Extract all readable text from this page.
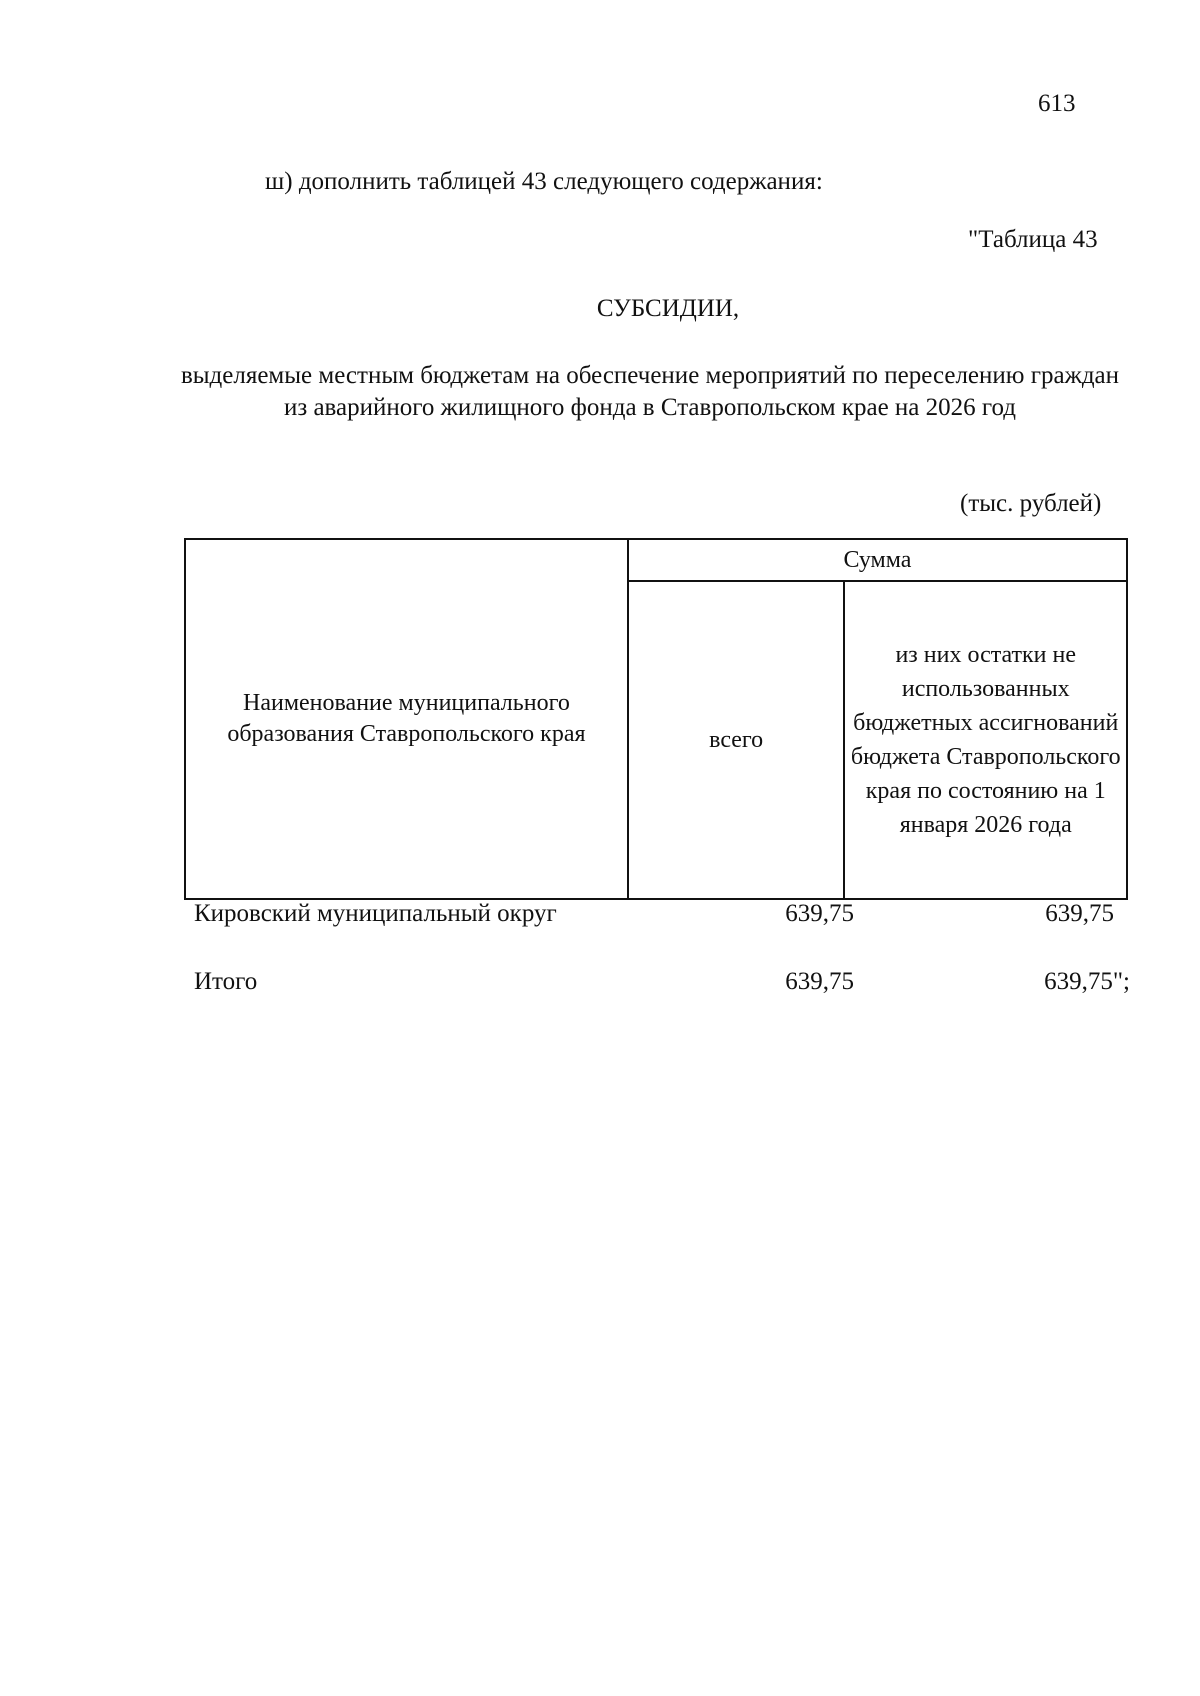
613
ш) дополнить таблицей 43 следующего содержания:
"Таблица 43
СУБСИДИИ,
выделяемые местным бюджетам на обеспечение мероприятий по переселению граждан из аварийного жилищного фонда в Ставропольском крае на 2026 год
(тыс. рублей)
Наименование муниципального образования Ставропольского края	Сумма	
	всего	из них остатки не использованных бюджетных ассигнований бюджета Ставропольского края по состоянию на 1 января 2026 года
Кировский муниципальный округ	639,75	639,75
Итого	639,75	639,75";
